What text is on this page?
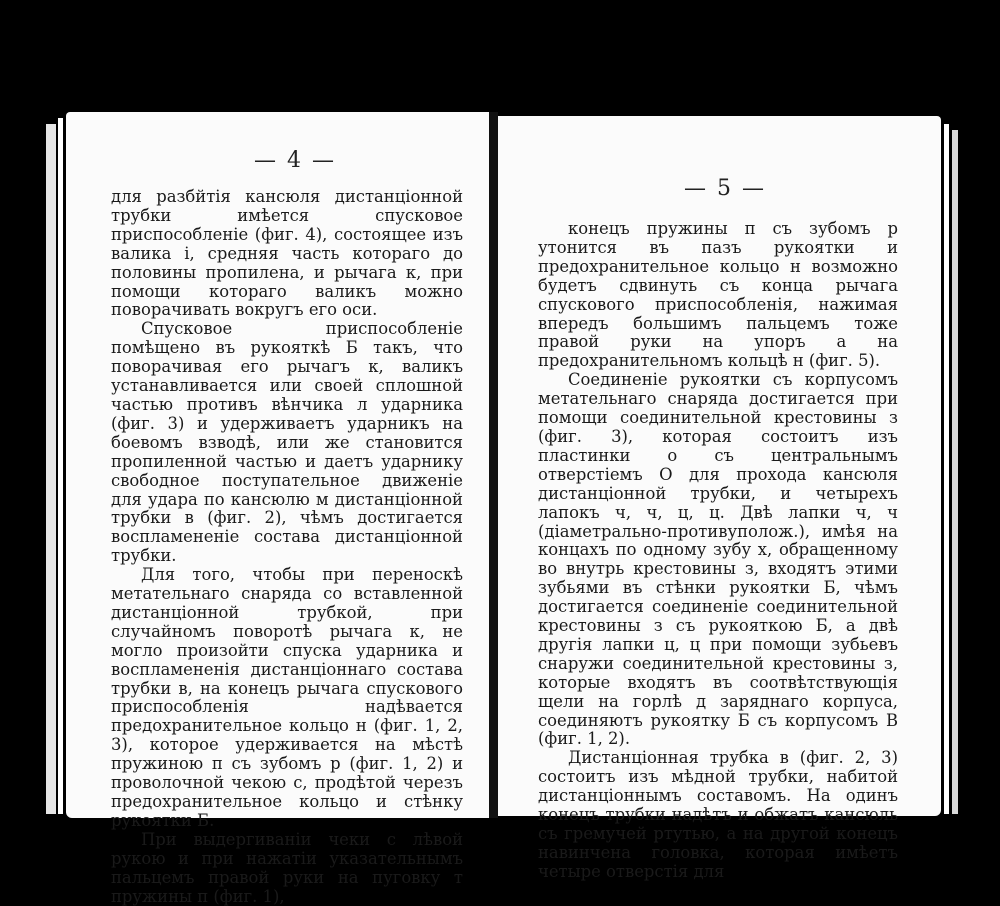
— 4 —

для разбйтія кансюля дистанціонной трубки имѣется спусковое приспособленіе (фиг. 4), состоящее изъ валика i, средняя часть котораго до половины пропилена, и рычага к, при помощи котораго валикъ можно поворачивать вокругъ его оси.

Спусковое приспособленіе помѣщено въ рукояткѣ Б такъ, что поворачивая его рычагъ к, валикъ устанавливается или своей сплошной частью противъ вѣнчика л ударника (фиг. 3) и удерживаетъ ударникъ на боевомъ взводѣ, или же становится пропиленной частью и даетъ ударнику свободное поступательное движеніе для удара по кансюлю м дистанціонной трубки в (фиг. 2), чѣмъ достигается воспламененіе состава дистанціонной трубки.

Для того, чтобы при переноскѣ метательнаго снаряда со вставленной дистанціонной трубкой, при случайномъ поворотѣ рычага к, не могло произойти спуска ударника и воспламененія дистанціоннаго состава трубки в, на конецъ рычага спускового приспособленія надѣвается предохранительное кольцо н (фиг. 1, 2, 3), которое удерживается на мѣстѣ пружиною п съ зубомъ р (фиг. 1, 2) и проволочной чекою с, продѣтой черезъ предохранительное кольцо и стѣнку рукоятки Б.

При выдергиваніи чеки с лѣвой рукою и при нажатіи указательнымъ пальцемъ правой руки на пуговку т пружины п (фиг. 1),

— 5 —

конецъ пружины п съ зубомъ р утонится въ пазъ рукоятки и предохранительное кольцо н возможно будетъ сдвинуть съ конца рычага спускового приспособленія, нажимая впередъ большимъ пальцемъ тоже правой руки на упоръ а на предохранительномъ кольцѣ н (фиг. 5).

Соединеніе рукоятки съ корпусомъ метательнаго снаряда достигается при помощи соединительной крестовины з (фиг. 3), которая состоитъ изъ пластинки о съ центральнымъ отверстіемъ О для прохода кансюля дистанціонной трубки, и четырехъ лапокъ ч, ч, ц, ц. Двѣ лапки ч, ч (діаметрально-противуполож.), имѣя на концахъ по одному зубу х, обращенному во внутрь крестовины з, входятъ этими зубьями въ стѣнки рукоятки Б, чѣмъ достигается соединеніе соединительной крестовины з съ рукояткою Б, а двѣ другія лапки ц, ц при помощи зубьевъ снаружи соединительной крестовины з, которые входятъ въ соотвѣтствующія щели на горлѣ д зaряднаго корпуса, соединяютъ рукоятку Б съ корпусомъ В (фиг. 1, 2).

Дистанціонная трубка в (фиг. 2, 3) состоитъ изъ мѣдной трубки, набитой дистанціоннымъ составомъ. На одинъ конецъ трубки надѣтъ и обжатъ кансюль съ гремучей ртутью, а на другой конецъ навинчена головка, которая имѣетъ четыре отверстія для
